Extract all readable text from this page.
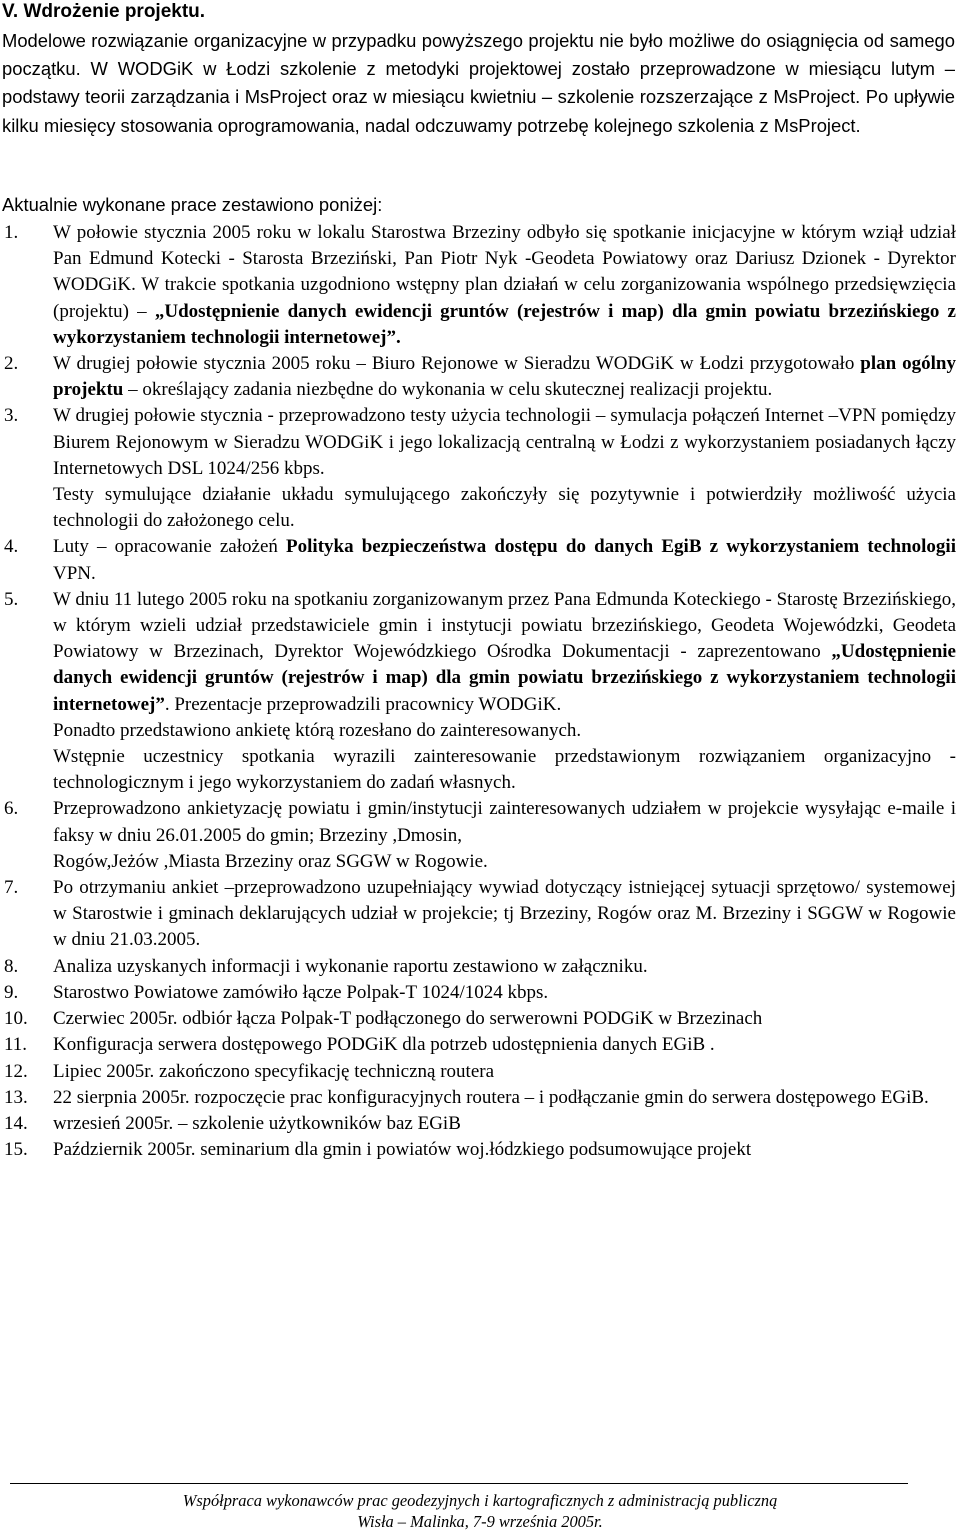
V. Wdrożenie projektu.

Modelowe rozwiązanie organizacyjne w przypadku powyższego projektu nie było możliwe do osiągnięcia od samego początku. W WODGiK w Łodzi szkolenie z metodyki projektowej zostało przeprowadzone w miesiącu lutym – podstawy teorii zarządzania i MsProject oraz w miesiącu kwietniu – szkolenie rozszerzające z MsProject. Po upływie kilku miesięcy stosowania oprogramowania, nadal odczuwamy potrzebę kolejnego szkolenia z MsProject.

Aktualnie wykonane prace zestawiono poniżej:

1. W połowie stycznia 2005 roku w lokalu Starostwa Brzeziny odbyło się spotkanie inicjacyjne w którym wziął udział Pan Edmund Kotecki - Starosta Brzeziński, Pan Piotr Nyk -Geodeta Powiatowy oraz Dariusz Dzionek - Dyrektor WODGiK. W trakcie spotkania uzgodniono wstępny plan działań w celu zorganizowania wspólnego przedsięwzięcia (projektu) – „Udostępnienie danych ewidencji gruntów (rejestrów i map) dla gmin powiatu brzezińskiego z wykorzystaniem technologii internetowej”.

2. W drugiej połowie stycznia 2005 roku – Biuro Rejonowe w Sieradzu WODGiK w Łodzi przygotowało plan ogólny projektu – określający zadania niezbędne do wykonania w celu skutecznej realizacji projektu.

3. W drugiej połowie stycznia - przeprowadzono testy użycia technologii – symulacja połączeń Internet –VPN pomiędzy Biurem Rejonowym w Sieradzu WODGiK i jego lokalizacją centralną w Łodzi z wykorzystaniem posiadanych łączy Internetowych DSL 1024/256 kbps.

Testy symulujące działanie układu symulującego zakończyły się pozytywnie i potwierdziły możliwość użycia technologii do założonego celu.

4. Luty – opracowanie założeń Polityka bezpieczeństwa dostępu do danych EgiB z wykorzystaniem technologii VPN.

5. W dniu 11 lutego 2005 roku na spotkaniu zorganizowanym przez Pana Edmunda Koteckiego - Starostę Brzezińskiego, w którym wzieli udział przedstawiciele gmin i instytucji powiatu brzezińskiego, Geodeta Wojewódzki, Geodeta Powiatowy w Brzezinach, Dyrektor Wojewódzkiego Ośrodka Dokumentacji - zaprezentowano „Udostępnienie danych ewidencji gruntów (rejestrów i map) dla gmin powiatu brzezińskiego z wykorzystaniem technologii internetowej”. Prezentacje przeprowadzili pracownicy WODGiK.

Ponadto przedstawiono ankietę którą rozesłano do zainteresowanych.

Wstępnie uczestnicy spotkania wyrazili zainteresowanie przedstawionym rozwiązaniem organizacyjno - technologicznym i jego wykorzystaniem do zadań własnych.

6. Przeprowadzono ankietyzację powiatu i gmin/instytucji zainteresowanych udziałem w projekcie wysyłając e-maile i faksy w dniu 26.01.2005 do gmin; Brzeziny ,Dmosin,

Rogów,Jeżów ,Miasta Brzeziny oraz SGGW w Rogowie.

7. Po otrzymaniu ankiet –przeprowadzono uzupełniający wywiad dotyczący istniejącej sytuacji sprzętowo/ systemowej w Starostwie i gminach deklarujących udział w projekcie; tj Brzeziny, Rogów oraz M. Brzeziny i SGGW w Rogowie w dniu 21.03.2005.

8. Analiza uzyskanych informacji i wykonanie raportu zestawiono w załączniku.

9. Starostwo Powiatowe zamówiło łącze Polpak-T 1024/1024 kbps.

10. Czerwiec 2005r. odbiór łącza Polpak-T podłączonego do serwerowni PODGiK w Brzezinach

11. Konfiguracja serwera dostępowego PODGiK dla potrzeb udostępnienia danych EGiB .

12. Lipiec 2005r. zakończono specyfikację techniczną routera

13. 22 sierpnia 2005r. rozpoczęcie prac konfiguracyjnych routera – i podłączanie gmin do serwera dostępowego EGiB.

14. wrzesień 2005r. – szkolenie użytkowników baz EGiB

15. Październik 2005r. seminarium dla gmin i powiatów woj.łódzkiego podsumowujące projekt

Współpraca wykonawców prac geodezyjnych i kartograficznych z administracją publiczną
Wisła – Malinka, 7-9 września 2005r.
